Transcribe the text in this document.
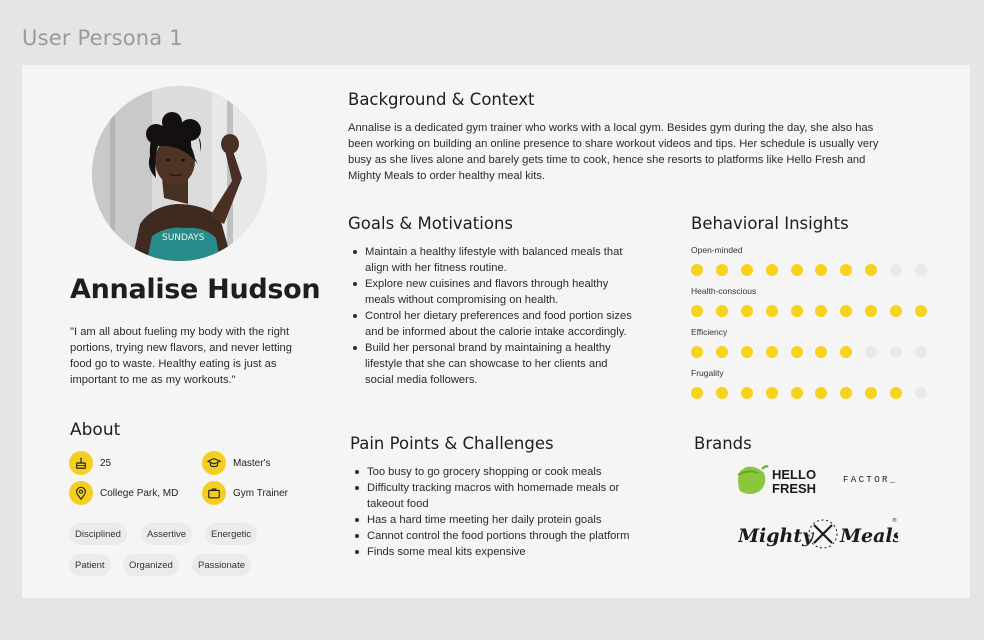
User Persona 1
SUNDAYS
Annalise Hudson
"I am all about fueling my body with the right portions, trying new flavors, and never letting food go to waste. Healthy eating is just as important to me as my workouts."
About
25	Master's
College Park, MD	Gym Trainer
Disciplined	Assertive	Energetic
Patient	Organized	Passionate
Background & Context
Annalise is a dedicated gym trainer who works with a local gym. Besides gym during the day, she also has
been working on building an online presence to share workout videos and tips. Her schedule is usually very
busy as she lives alone and barely gets time to cook, hence she resorts to platforms like Hello Fresh and
Mighty Meals to order healthy meal kits.
Goals & Motivations
Maintain a healthy lifestyle with balanced meals that align with her fitness routine.
Explore new cuisines and flavors through healthy meals without compromising on health.
Control her dietary preferences and food portion sizes and be informed about the calorie intake accordingly.
Build her personal brand by maintaining a healthy lifestyle that she can showcase to her clients and social media followers.
Pain Points & Challenges
Too busy to go grocery shopping or cook meals
Difficulty tracking macros with homemade meals or takeout food
Has a hard time meeting her daily protein goals
Cannot control the food portions through the platform
Finds some meal kits expensive
Behavioral Insights
Open-minded
Health-conscious
Efficiency
Frugality
Brands
HELLO
FRESH
FACTOR_
Mighty Meals
®
